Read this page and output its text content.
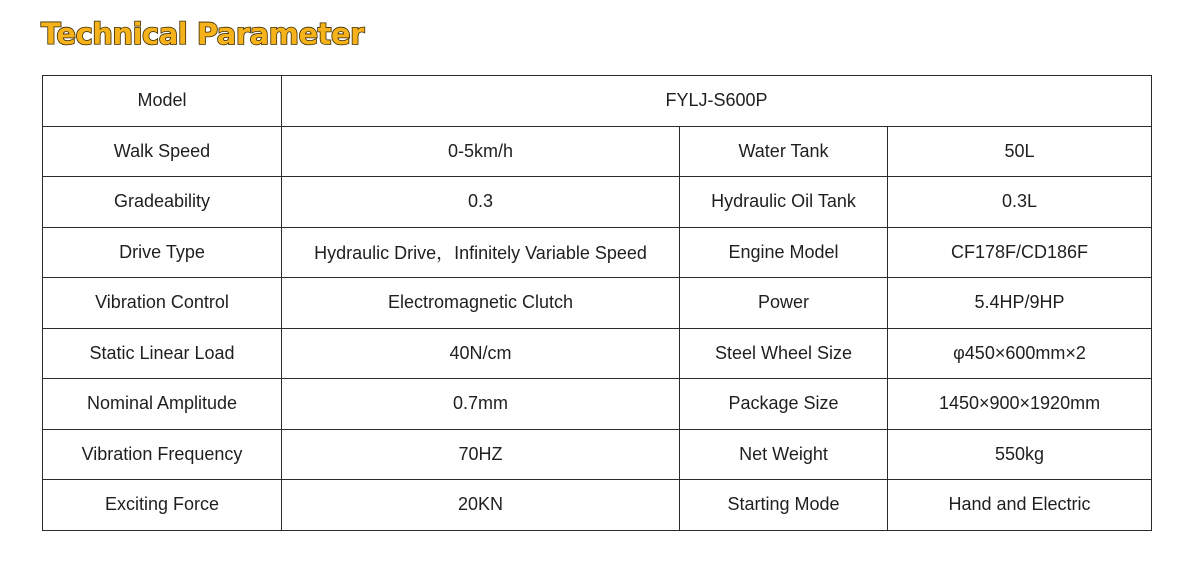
Technical Parameter
Model	FYLJ-S600P		
Walk Speed	0-5km/h	Water Tank	50L
Gradeability	0.3	Hydraulic Oil Tank	0.3L
Drive Type	Hydraulic Drive，Infinitely Variable Speed	Engine Model	CF178F/CD186F
Vibration Control	Electromagnetic Clutch	Power	5.4HP/9HP
Static Linear Load	40N/cm	Steel Wheel Size	φ450×600mm×2
Nominal Amplitude	0.7mm	Package Size	1450×900×1920mm
Vibration Frequency	70HZ	Net Weight	550kg
Exciting Force	20KN	Starting Mode	Hand and Electric
